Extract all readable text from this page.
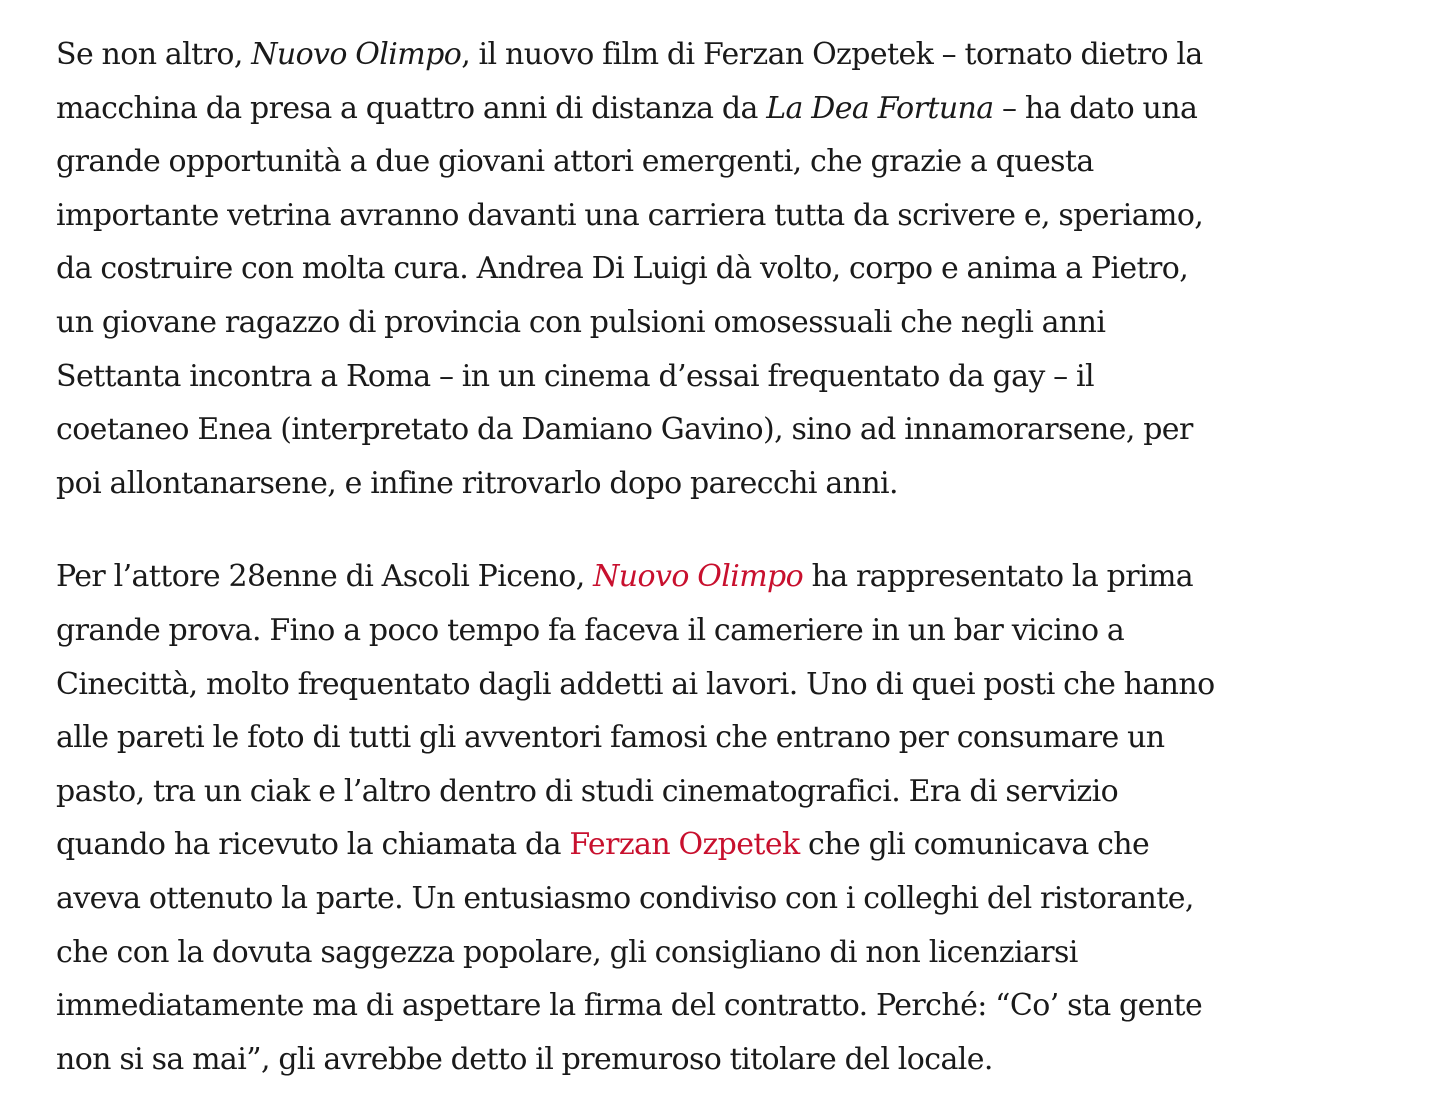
Se non altro, Nuovo Olimpo, il nuovo film di Ferzan Ozpetek – tornato dietro la
macchina da presa a quattro anni di distanza da La Dea Fortuna – ha dato una
grande opportunità a due giovani attori emergenti, che grazie a questa
importante vetrina avranno davanti una carriera tutta da scrivere e, speriamo,
da costruire con molta cura. Andrea Di Luigi dà volto, corpo e anima a Pietro,
un giovane ragazzo di provincia con pulsioni omosessuali che negli anni
Settanta incontra a Roma – in un cinema d’essai frequentato da gay – il
coetaneo Enea (interpretato da Damiano Gavino), sino ad innamorarsene, per
poi allontanarsene, e infine ritrovarlo dopo parecchi anni.

Per l’attore 28enne di Ascoli Piceno, Nuovo Olimpo ha rappresentato la prima
grande prova. Fino a poco tempo fa faceva il cameriere in un bar vicino a
Cinecittà, molto frequentato dagli addetti ai lavori. Uno di quei posti che hanno
alle pareti le foto di tutti gli avventori famosi che entrano per consumare un
pasto, tra un ciak e l’altro dentro di studi cinematografici. Era di servizio
quando ha ricevuto la chiamata da Ferzan Ozpetek che gli comunicava che
aveva ottenuto la parte. Un entusiasmo condiviso con i colleghi del ristorante,
che con la dovuta saggezza popolare, gli consigliano di non licenziarsi
immediatamente ma di aspettare la firma del contratto. Perché: “Co’ sta gente
non si sa mai”, gli avrebbe detto il premuroso titolare del locale.
